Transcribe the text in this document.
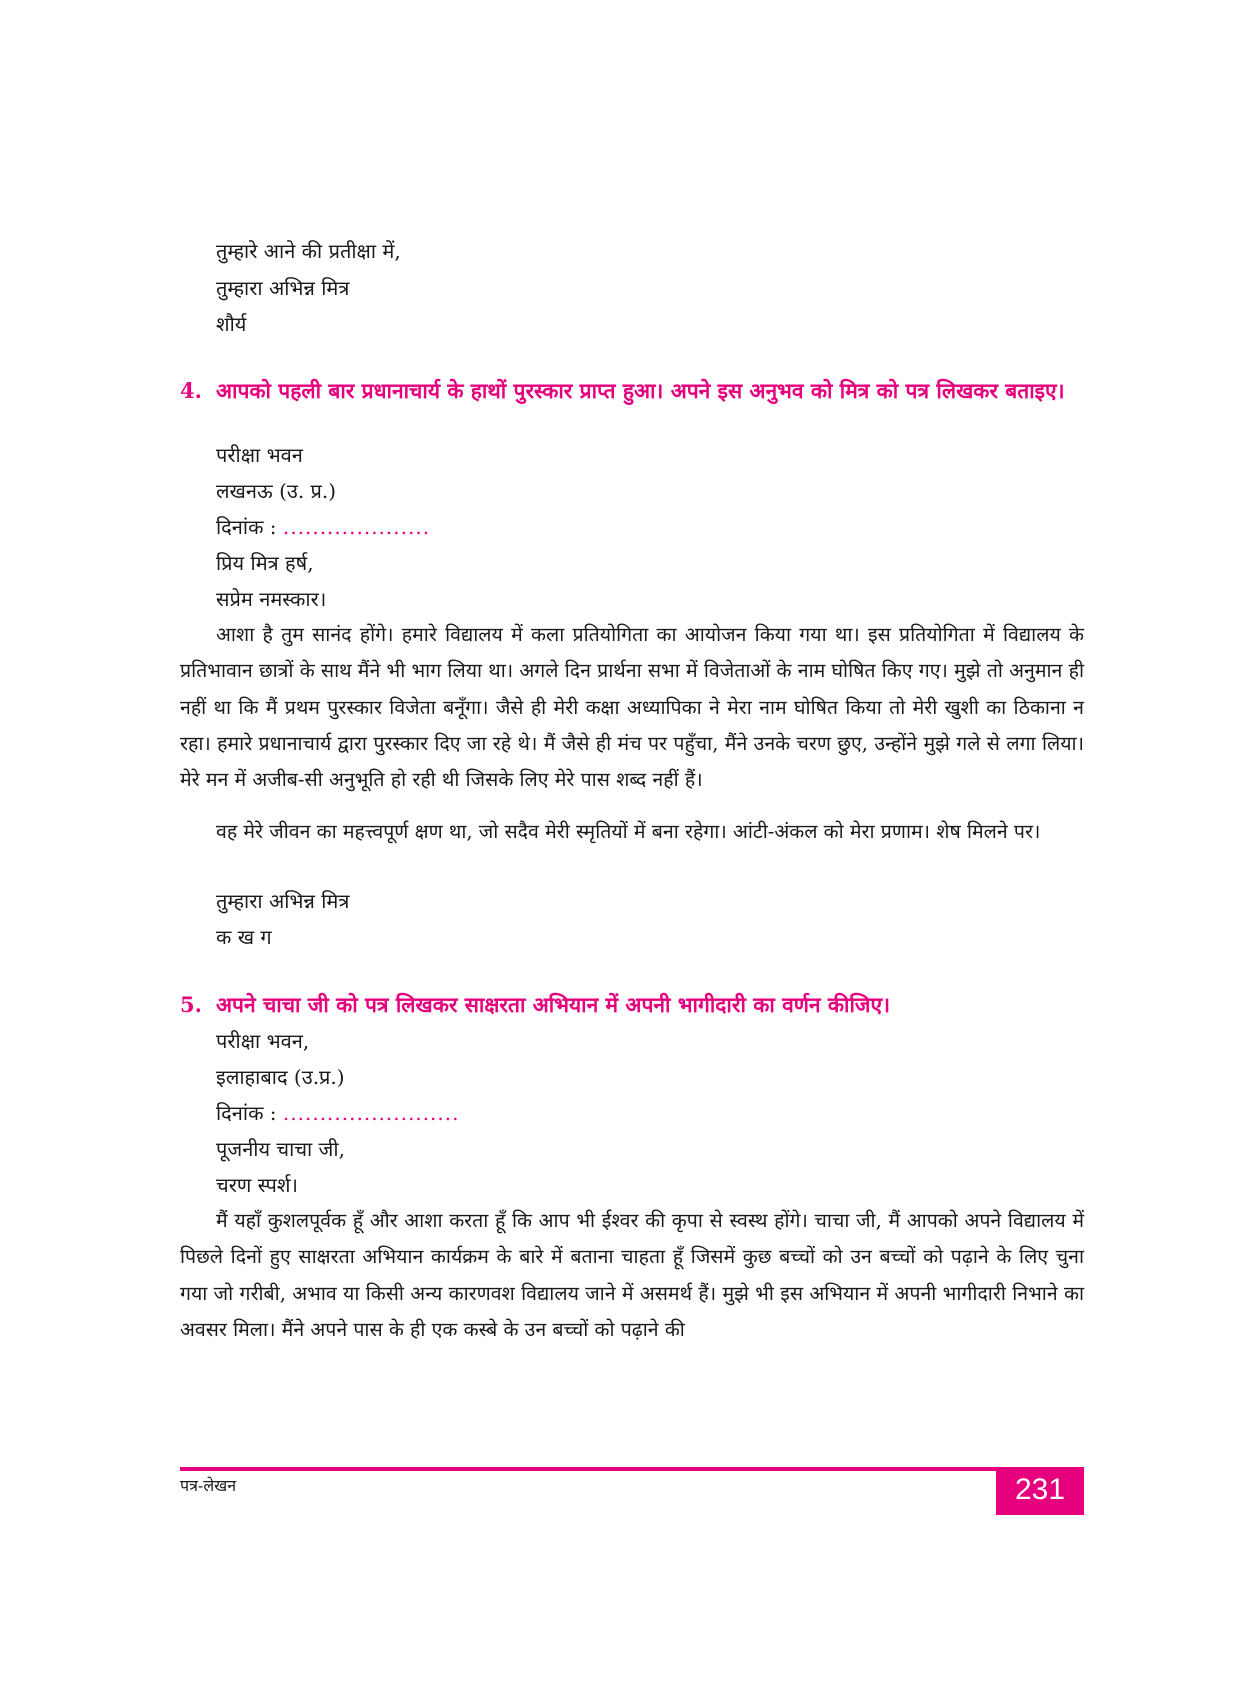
तुम्हारे आने की प्रतीक्षा में,
तुम्हारा अभिन्न मित्र
शौर्य
4. आपको पहली बार प्रधानाचार्य के हाथों पुरस्कार प्राप्त हुआ। अपने इस अनुभव को मित्र को पत्र लिखकर बताइए।
परीक्षा भवन
लखनऊ (उ. प्र.)
दिनांक : ....................
प्रिय मित्र हर्ष,
सप्रेम नमस्कार।
आशा है तुम सानंद होंगे। हमारे विद्यालय में कला प्रतियोगिता का आयोजन किया गया था। इस प्रतियोगिता में विद्यालय के प्रतिभावान छात्रों के साथ मैंने भी भाग लिया था। अगले दिन प्रार्थना सभा में विजेताओं के नाम घोषित किए गए। मुझे तो अनुमान ही नहीं था कि मैं प्रथम पुरस्कार विजेता बनूँगा। जैसे ही मेरी कक्षा अध्यापिका ने मेरा नाम घोषित किया तो मेरी खुशी का ठिकाना न रहा। हमारे प्रधानाचार्य द्वारा पुरस्कार दिए जा रहे थे। मैं जैसे ही मंच पर पहुँचा, मैंने उनके चरण छुए, उन्होंने मुझे गले से लगा लिया। मेरे मन में अजीब-सी अनुभूति हो रही थी जिसके लिए मेरे पास शब्द नहीं हैं।
वह मेरे जीवन का महत्त्वपूर्ण क्षण था, जो सदैव मेरी स्मृतियों में बना रहेगा। आंटी-अंकल को मेरा प्रणाम। शेष मिलने पर।
तुम्हारा अभिन्न मित्र
क ख ग
5. अपने चाचा जी को पत्र लिखकर साक्षरता अभियान में अपनी भागीदारी का वर्णन कीजिए।
परीक्षा भवन,
इलाहाबाद (उ.प्र.)
दिनांक : ........................
पूजनीय चाचा जी,
चरण स्पर्श।
मैं यहाँ कुशलपूर्वक हूँ और आशा करता हूँ कि आप भी ईश्वर की कृपा से स्वस्थ होंगे। चाचा जी, मैं आपको अपने विद्यालय में पिछले दिनों हुए साक्षरता अभियान कार्यक्रम के बारे में बताना चाहता हूँ जिसमें कुछ बच्चों को उन बच्चों को पढ़ाने के लिए चुना गया जो गरीबी, अभाव या किसी अन्य कारणवश विद्यालय जाने में असमर्थ हैं। मुझे भी इस अभियान में अपनी भागीदारी निभाने का अवसर मिला। मैंने अपने पास के ही एक कस्बे के उन बच्चों को पढ़ाने की
पत्र-लेखन	231
